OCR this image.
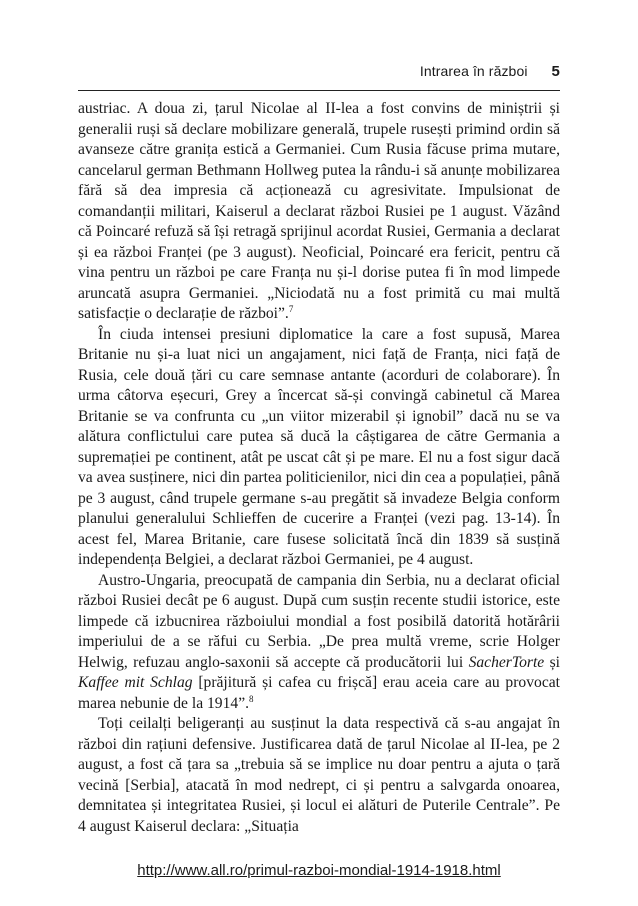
Intrarea în război 5

austriac. A doua zi, țarul Nicolae al II-lea a fost convins de miniștrii și generalii ruși să declare mobilizare generală, trupele rusești primind ordin să avanseze către granița estică a Germaniei. Cum Rusia făcuse prima mutare, cancelarul german Bethmann Hollweg putea la rându-i să anunțe mobilizarea fără să dea impresia că acționează cu agresivitate. Impulsionat de comandanții militari, Kaiserul a declarat război Rusiei pe 1 august. Văzând că Poincaré refuză să își retragă sprijinul acordat Rusiei, Germania a declarat și ea război Franței (pe 3 august). Neoficial, Poincaré era fericit, pentru că vina pentru un război pe care Franța nu și-l dorise putea fi în mod limpede aruncată asupra Germaniei. „Niciodată nu a fost primită cu mai multă satisfacție o declarație de război”.$^7$

În ciuda intensei presiuni diplomatice la care a fost supusă, Marea Britanie nu și-a luat nici un angajament, nici față de Franța, nici față de Rusia, cele două țări cu care semnase antante (acorduri de colaborare). În urma câtorva eșecuri, Grey a încercat să-și convingă cabinetul că Marea Britanie se va confrunta cu „un viitor mizerabil și ignobil” dacă nu se va alătura conflictului care putea să ducă la câștigarea de către Germania a supremației pe continent, atât pe uscat cât și pe mare. El nu a fost sigur dacă va avea susținere, nici din partea politicienilor, nici din cea a populației, până pe 3 august, când trupele germane s-au pregătit să invadeze Belgia conform planului generalului Schlieffen de cucerire a Franței (vezi pag. 13-14). În acest fel, Marea Britanie, care fusese solicitată încă din 1839 să susțină independența Belgiei, a declarat război Germaniei, pe 4 august.

Austro-Ungaria, preocupată de campania din Serbia, nu a declarat oficial război Rusiei decât pe 6 august. După cum susțin recente studii istorice, este limpede că izbucnirea războiului mondial a fost posibilă datorită hotărârii imperiului de a se răfui cu Serbia. „De prea multă vreme, scrie Holger Helwig, refuzau anglo-saxonii să accepte că producătorii lui SacherTorte și Kaffee mit Schlag [prăjitură și cafea cu frișcă] erau aceia care au provocat marea nebunie de la 1914”.$^8$

Toți ceilalți beligeranți au susținut la data respectivă că s-au angajat în război din rațiuni defensive. Justificarea dată de țarul Nicolae al II-lea, pe 2 august, a fost că țara sa „trebuia să se implice nu doar pentru a ajuta o țară vecină [Serbia], atacată în mod nedrept, ci și pentru a salvgarda onoarea, demnitatea și integritatea Rusiei, și locul ei alături de Puterile Centrale”. Pe 4 august Kaiserul declara: „Situația

http://www.all.ro/primul-razboi-mondial-1914-1918.html
